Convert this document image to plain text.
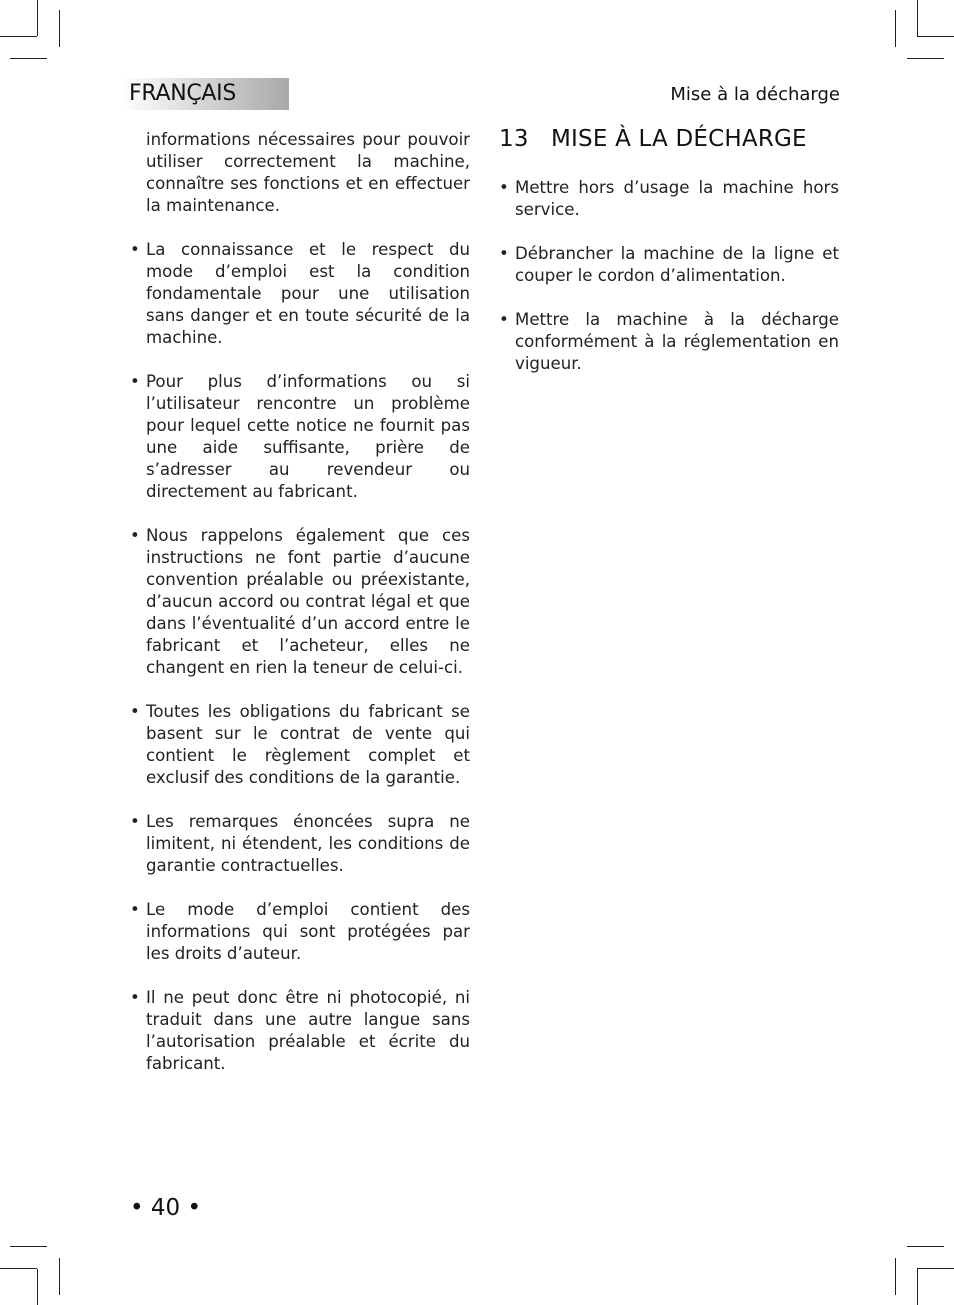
FRANÇAIS	Mise à la décharge

informations nécessaires pour pouvoir utiliser correctement la machine, connaître ses fonctions et en effectuer la maintenance.

• La connaissance et le respect du mode d’emploi est la condition fondamentale pour une utilisation sans danger et en toute sécurité de la machine.

• Pour plus d’informations ou si l’utilisateur rencontre un problème pour lequel cette notice ne fournit pas une aide suffisante, prière de s’adresser au revendeur ou directement au fabricant.

• Nous rappelons également que ces instructions ne font partie d’aucune convention préalable ou préexistante, d’aucun accord ou contrat légal et que dans l’éventualité d’un accord entre le fabricant et l’acheteur, elles ne changent en rien la teneur de celui-ci.

• Toutes les obligations du fabricant se basent sur le contrat de vente qui contient le règlement complet et exclusif des conditions de la garantie.

• Les remarques énoncées supra ne limitent, ni étendent, les conditions de garantie contractuelles.

• Le mode d’emploi contient des informations qui sont protégées par les droits d’auteur.

• Il ne peut donc être ni photocopié, ni traduit dans une autre langue sans l’autorisation préalable et écrite du fabricant.

13 MISE À LA DÉCHARGE

• Mettre hors d’usage la machine hors service.

• Débrancher la machine de la ligne et couper le cordon d’alimentation.

• Mettre la machine à la décharge conformément à la réglementation en vigueur.

• 40 •
